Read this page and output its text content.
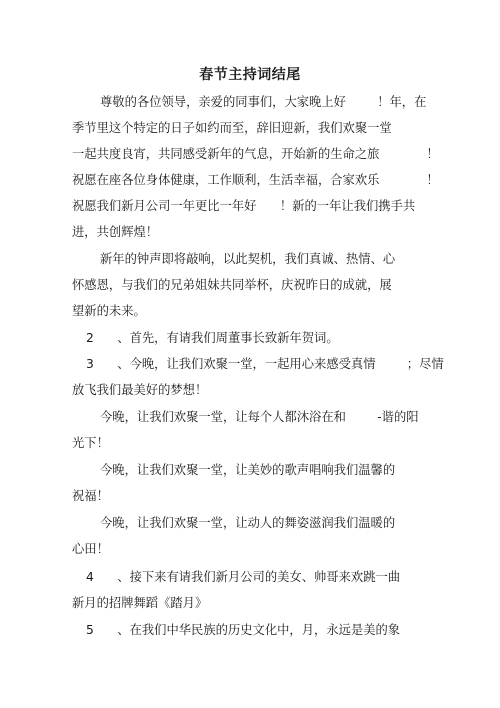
春节主持词结尾
尊敬的各位领导，亲爱的同事们，大家晚上好        ！年，在
季节里这个特定的日子如约而至，辞旧迎新，我们欢聚一堂
一起共度良宵，共同感受新年的气息，开始新的生命之旅            ！
祝愿在座各位身体健康，工作顺利，生活幸福，合家欢乐            ！
祝愿我们新月公司一年更比一年好      ！新的一年让我们携手共
进，共创辉煌！
新年的钟声即将敲响，以此契机，我们真诚、热情、心
怀感恩，与我们的兄弟姐妹共同举杯，庆祝昨日的成就，展
望新的未来。
2      、首先，有请我们周董事长致新年贺词。
3      、今晚，让我们欢聚一堂，一起用心来感受真情        ；尽情
放飞我们最美好的梦想！
今晚，让我们欢聚一堂，让每个人都沐浴在和        -谐的阳
光下！
今晚，让我们欢聚一堂，让美妙的歌声唱响我们温馨的
祝福！
今晚，让我们欢聚一堂，让动人的舞姿滋润我们温暖的
心田！
4      、接下来有请我们新月公司的美女、帅哥来欢跳一曲
新月的招牌舞蹈《踏月》
5      、在我们中华民族的历史文化中，月，永远是美的象
